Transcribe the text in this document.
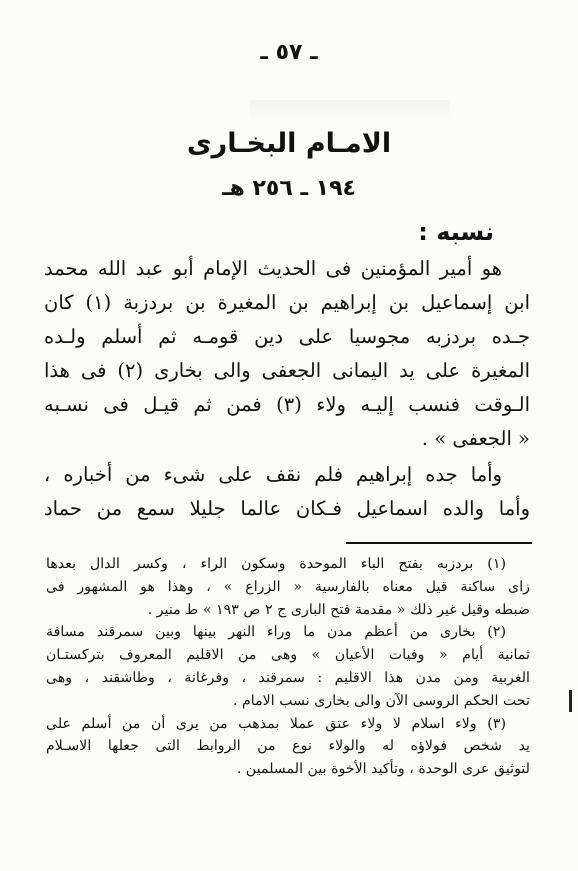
ـ ٥٧ ـ
الامـام البخـارى
١٩٤ ـ ٢٥٦ هـ
نسبه :
هو أمير المؤمنين فى الحديث الإمام أبو عبد الله محمد
ابن إسماعيل بن إبراهيم بن المغيرة بن بردزبة (١) كان
جـده بردزبه مجوسيا على دين قومـه ثم أسلم ولـده
المغيرة على يد اليمانى الجعفى والى بخارى (٢) فى هذا
الـوقت فنسب إليـه ولاء (٣) فمن ثم قيـل فى نسـبه
« الجعفى » .
وأما جده إبراهيم فلم نقف على شىء من أخباره ،
وأما والده اسماعيل فـكان عالما جليلا سمع من حماد
(١) بردزبه بفتح الباء الموحدة وسكون الراء ، وكسر الدال بعدها
زاى ساكنة قيل معناه بالفارسية « الزراع » ، وهذا هو المشهور فى
ضبطه وقيل غير ذلك « مقدمة فتح البارى ج ٢ ص ١٩٣ » ط منير .
(٢) بخارى من أعظم مدن ما وراء النهر بينها وبين سمرقند مسافة
ثمانية أيام « وفيات الأعيان » وهى من الاقليم المعروف بتركستـان
الغربية ومن مدن هذا الاقليم : سمرقند ، وفرغانة ، وطاشقند ، وهى
تحت الحكم الروسى الآن والى بخارى نسب الامام .
(٣) ولاء اسلام لا ولاء عتق عملا بمذهب من يرى أن من أسلم على
يد شخص فولاؤه له والولاء نوع من الروابط التى جعلها الاسـلام
لتوثيق عرى الوحدة ، وتأكيد الأخوة بين المسلمين .
